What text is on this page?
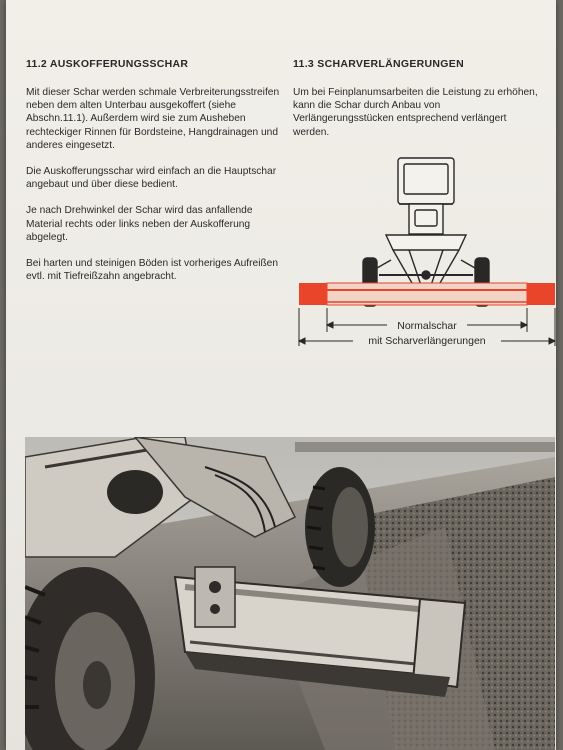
11.2 AUSKOFFERUNGSSCHAR

Mit dieser Schar werden schmale Verbreiterungsstreifen neben dem alten Unterbau ausgekoffert (siehe Abschn.11.1). Außerdem wird sie zum Ausheben rechteckiger Rinnen für Bordsteine, Hangdrainagen und anderes eingesetzt.

Die Auskofferungsschar wird einfach an die Hauptschar angebaut und über diese bedient.

Je nach Drehwinkel der Schar wird das anfallende Material rechts oder links neben der Auskofferung abgelegt.

Bei harten und steinigen Böden ist vorheriges Aufreißen evtl. mit Tiefreißzahn angebracht.

11.3 SCHARVERLÄNGERUNGEN

Um bei Feinplanumsarbeiten die Leistung zu erhöhen, kann die Schar durch Anbau von Verlängerungsstücken entsprechend verlängert werden.

Normalschar
mit Scharverlängerungen
